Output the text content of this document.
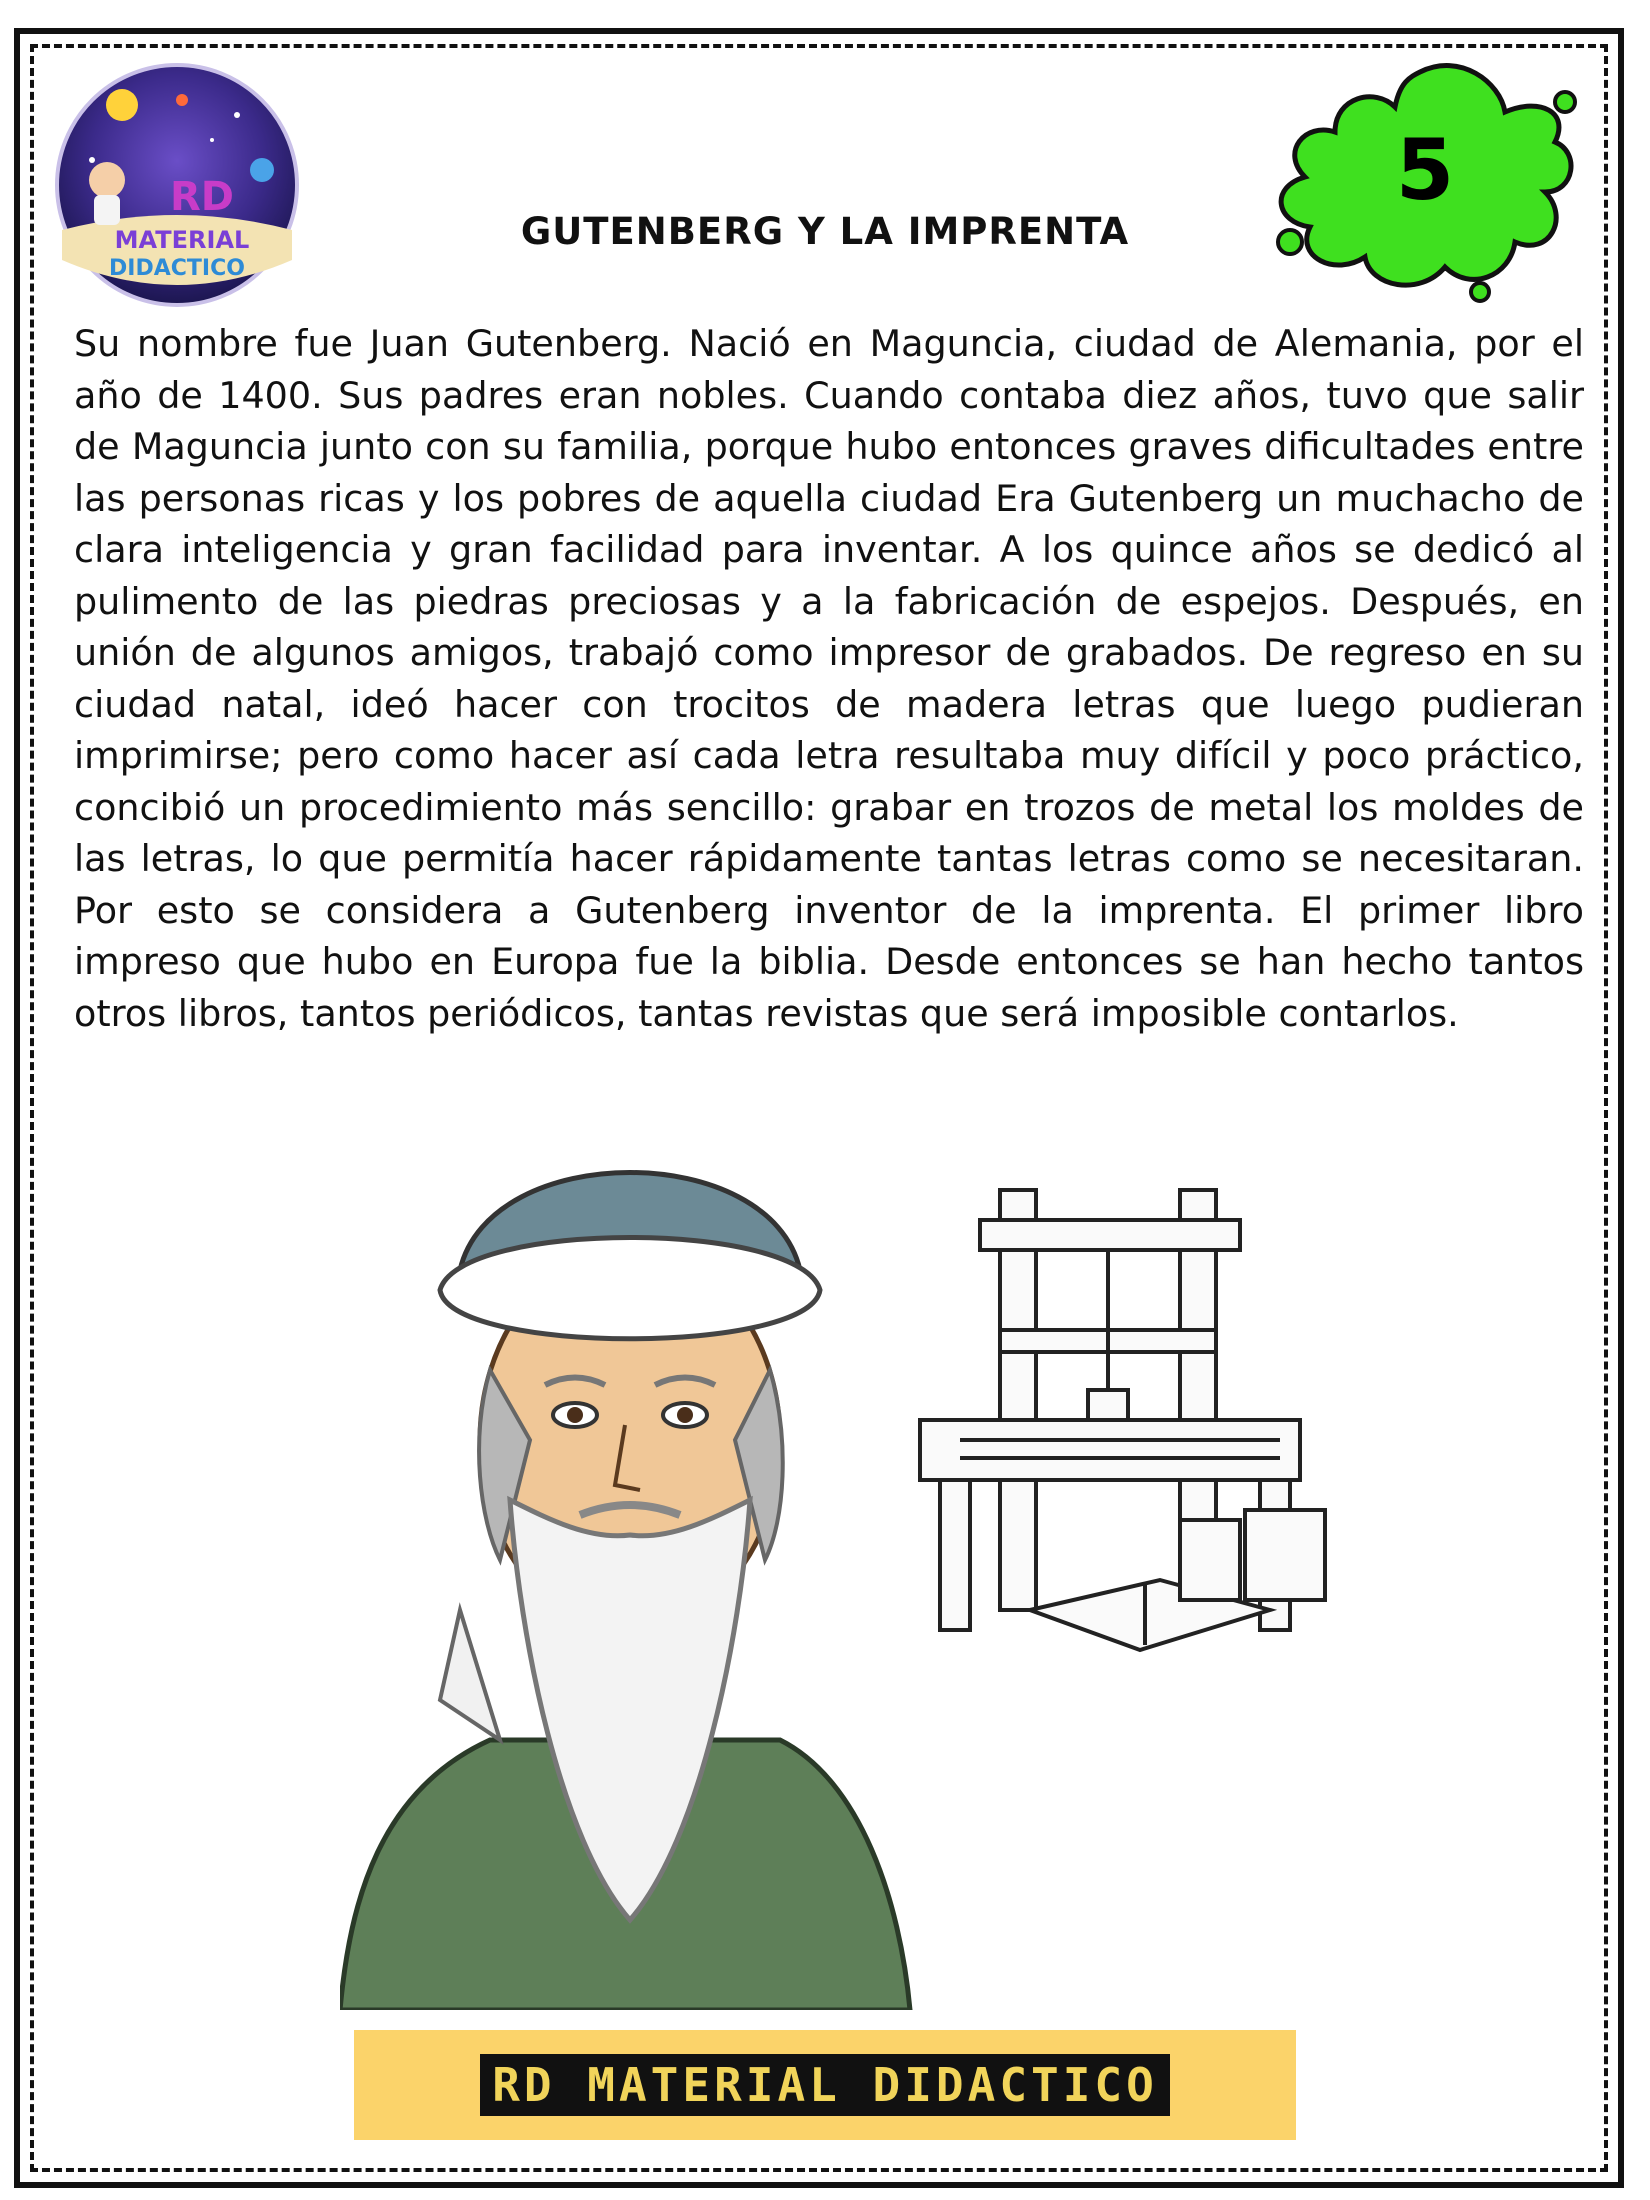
RD
MATERIAL
DIDACTICO
5
GUTENBERG Y LA IMPRENTA

Su nombre fue Juan Gutenberg. Nació en Maguncia, ciudad de Alemania, por el año de 1400. Sus padres eran nobles. Cuando contaba diez años, tuvo que salir de Maguncia junto con su familia, porque hubo entonces graves dificultades entre las personas ricas y los pobres de aquella ciudad Era Gutenberg un muchacho de clara inteligencia y gran facilidad para inventar. A los quince años se dedicó al pulimento de las piedras preciosas y a la fabricación de espejos. Después, en unión de algunos amigos, trabajó como impresor de grabados. De regreso en su ciudad natal, ideó hacer con trocitos de madera letras que luego pudieran imprimirse; pero como hacer así cada letra resultaba muy difícil y poco práctico, concibió un procedimiento más sencillo: grabar en trozos de metal los moldes de las letras, lo que permitía hacer rápidamente tantas letras como se necesitaran. Por esto se considera a Gutenberg inventor de la imprenta. El primer libro impreso que hubo en Europa fue la biblia. Desde entonces se han hecho tantos otros libros, tantos periódicos, tantas revistas que será imposible contarlos.

RD MATERIAL DIDACTICO
